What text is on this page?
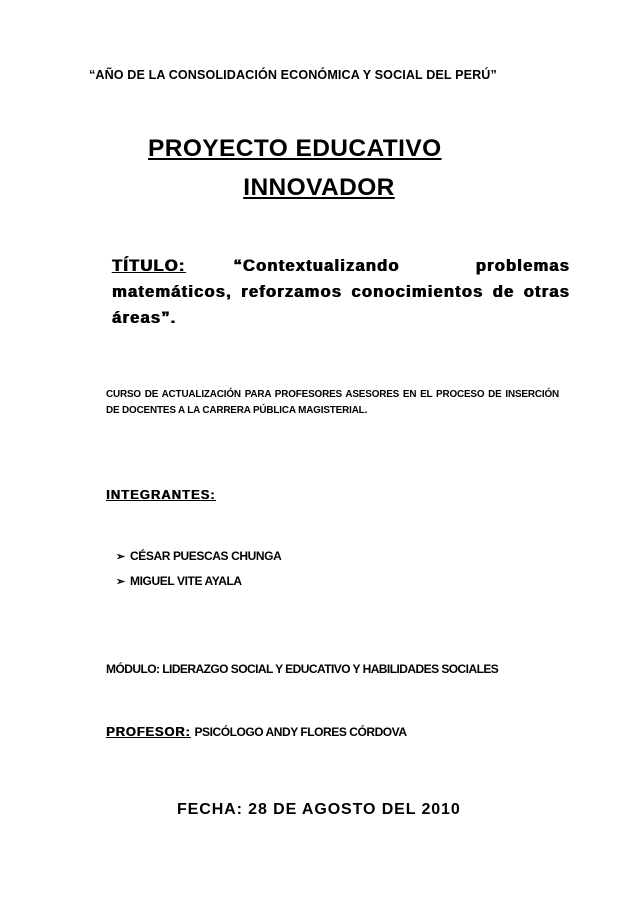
“AÑO DE LA CONSOLIDACIÓN ECONÓMICA Y SOCIAL DEL PERÚ”
PROYECTO EDUCATIVO
INNOVADOR
TÍTULO:	“Contextualizando problemas matemáticos, reforzamos conocimientos de otras áreas”.
CURSO DE ACTUALIZACIÓN PARA PROFESORES ASESORES EN EL PROCESO DE INSERCIÓN DE DOCENTES A LA CARRERA PÚBLICA MAGISTERIAL.
INTEGRANTES:
➢ CÉSAR PUESCAS CHUNGA
➢ MIGUEL VITE AYALA
MÓDULO: LIDERAZGO SOCIAL Y EDUCATIVO Y HABILIDADES SOCIALES
PROFESOR: PSICÓLOGO ANDY FLORES CÓRDOVA
FECHA: 28 DE AGOSTO DEL 2010
